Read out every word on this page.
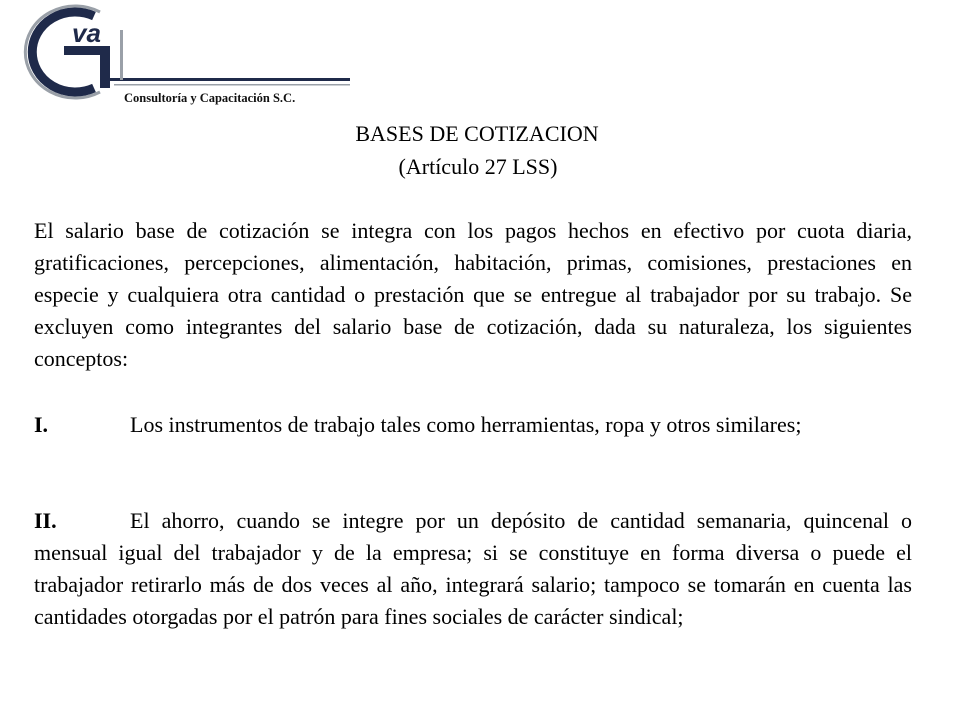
va
Consultoría y Capacitación S.C.
BASES DE COTIZACION
(Artículo 27 LSS)
El salario base de cotización se integra con los pagos hechos en efectivo por cuota diaria, gratificaciones, percepciones, alimentación, habitación, primas, comisiones, prestaciones en especie y cualquiera otra cantidad o prestación que se entregue al trabajador por su trabajo. Se excluyen como integrantes del salario base de cotización, dada su naturaleza, los siguientes conceptos:
I.	Los instrumentos de trabajo tales como herramientas, ropa y otros similares;
II.	El ahorro, cuando se integre por un depósito de cantidad semanaria, quincenal o mensual igual del trabajador y de la empresa; si se constituye en forma diversa o puede el trabajador retirarlo más de dos veces al año, integrará salario; tampoco se tomarán en cuenta las cantidades otorgadas por el patrón para fines sociales de carácter sindical;
